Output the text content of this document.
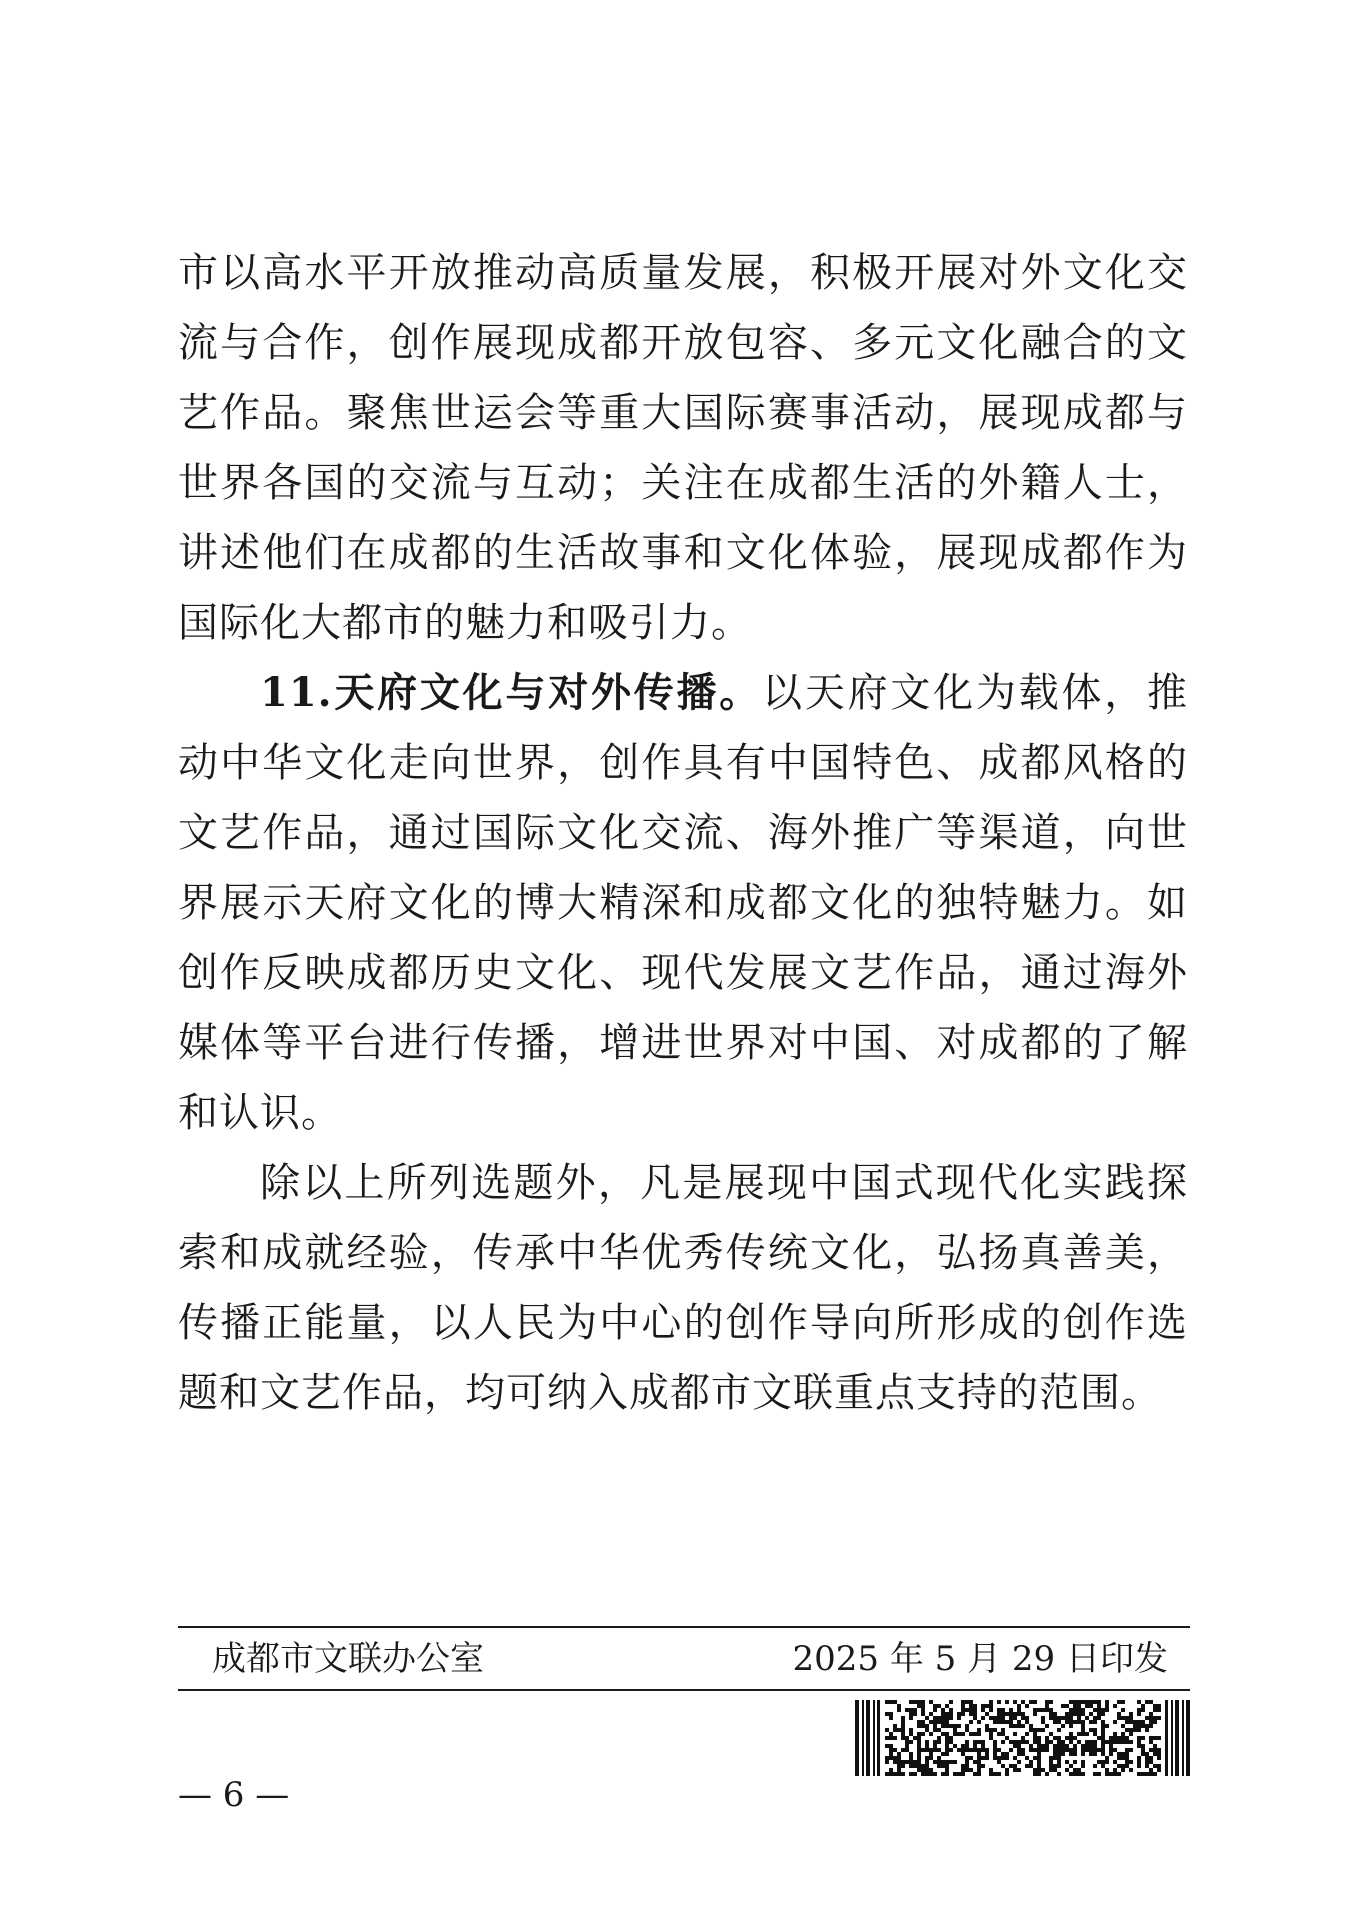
市以高水平开放推动高质量发展，积极开展对外文化交流与合作，创作展现成都开放包容、多元文化融合的文艺作品。聚焦世运会等重大国际赛事活动，展现成都与世界各国的交流与互动；关注在成都生活的外籍人士，讲述他们在成都的生活故事和文化体验，展现成都作为国际化大都市的魅力和吸引力。

11.天府文化与对外传播。以天府文化为载体，推动中华文化走向世界，创作具有中国特色、成都风格的文艺作品，通过国际文化交流、海外推广等渠道，向世界展示天府文化的博大精深和成都文化的独特魅力。如创作反映成都历史文化、现代发展文艺作品，通过海外媒体等平台进行传播，增进世界对中国、对成都的了解和认识。

除以上所列选题外，凡是展现中国式现代化实践探索和成就经验，传承中华优秀传统文化，弘扬真善美，传播正能量，以人民为中心的创作导向所形成的创作选题和文艺作品，均可纳入成都市文联重点支持的范围。

成都市文联办公室	2025 年 5 月 29 日印发
— 6 —
